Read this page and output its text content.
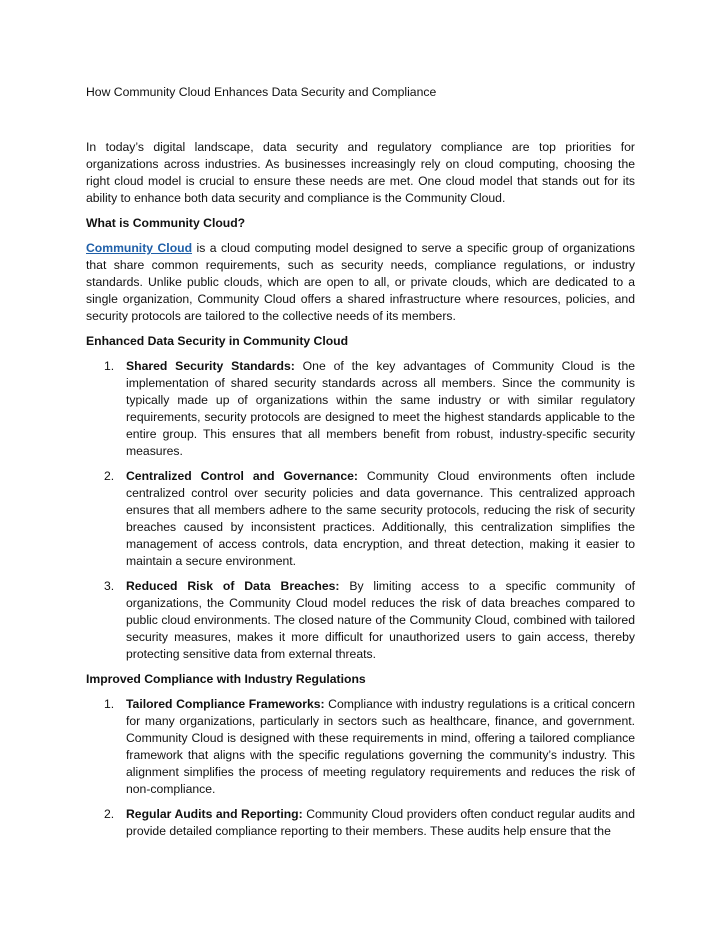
How Community Cloud Enhances Data Security and Compliance

In today’s digital landscape, data security and regulatory compliance are top priorities for organizations across industries. As businesses increasingly rely on cloud computing, choosing the right cloud model is crucial to ensure these needs are met. One cloud model that stands out for its ability to enhance both data security and compliance is the Community Cloud.

What is Community Cloud?

Community Cloud is a cloud computing model designed to serve a specific group of organizations that share common requirements, such as security needs, compliance regulations, or industry standards. Unlike public clouds, which are open to all, or private clouds, which are dedicated to a single organization, Community Cloud offers a shared infrastructure where resources, policies, and security protocols are tailored to the collective needs of its members.

Enhanced Data Security in Community Cloud
1. Shared Security Standards: One of the key advantages of Community Cloud is the implementation of shared security standards across all members. Since the community is typically made up of organizations within the same industry or with similar regulatory requirements, security protocols are designed to meet the highest standards applicable to the entire group. This ensures that all members benefit from robust, industry-specific security measures.
2. Centralized Control and Governance: Community Cloud environments often include centralized control over security policies and data governance. This centralized approach ensures that all members adhere to the same security protocols, reducing the risk of security breaches caused by inconsistent practices. Additionally, this centralization simplifies the management of access controls, data encryption, and threat detection, making it easier to maintain a secure environment.
3. Reduced Risk of Data Breaches: By limiting access to a specific community of organizations, the Community Cloud model reduces the risk of data breaches compared to public cloud environments. The closed nature of the Community Cloud, combined with tailored security measures, makes it more difficult for unauthorized users to gain access, thereby protecting sensitive data from external threats.
Improved Compliance with Industry Regulations
1. Tailored Compliance Frameworks: Compliance with industry regulations is a critical concern for many organizations, particularly in sectors such as healthcare, finance, and government. Community Cloud is designed with these requirements in mind, offering a tailored compliance framework that aligns with the specific regulations governing the community’s industry. This alignment simplifies the process of meeting regulatory requirements and reduces the risk of non-compliance.
2. Regular Audits and Reporting: Community Cloud providers often conduct regular audits and provide detailed compliance reporting to their members. These audits help ensure that the
